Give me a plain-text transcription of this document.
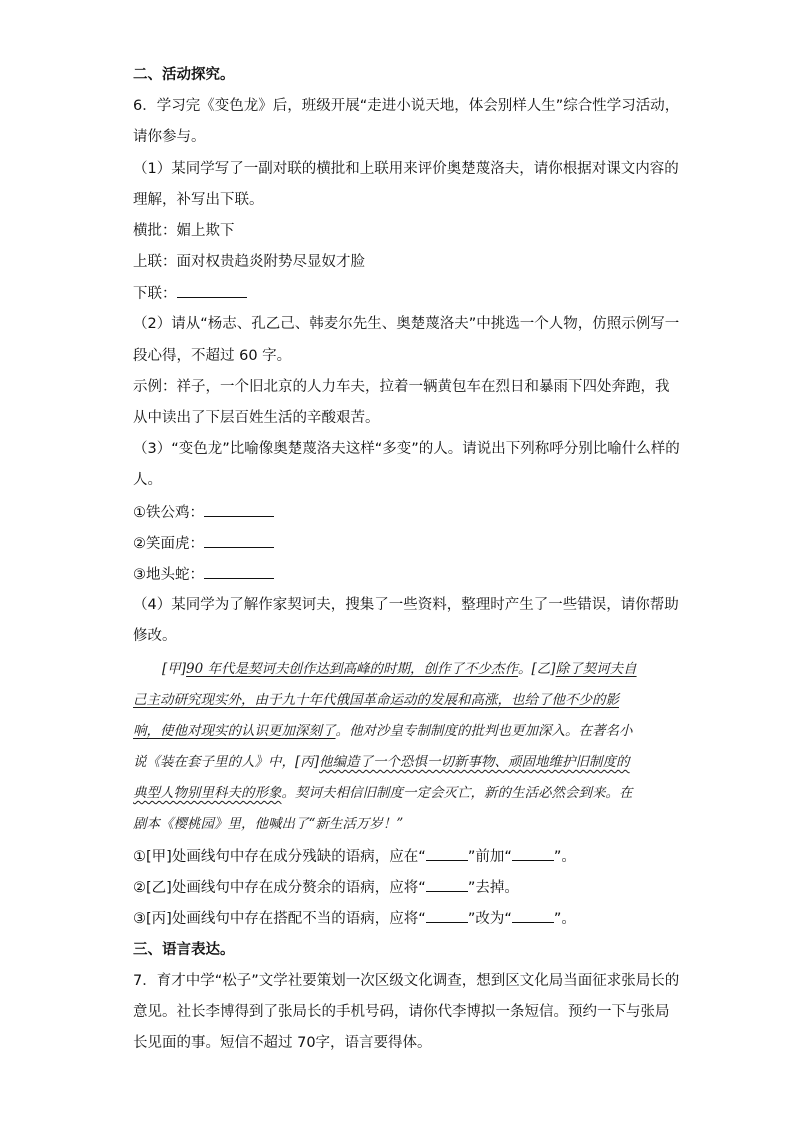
二、活动探究。
6．学习完《变色龙》后，班级开展“走进小说天地，体会别样人生”综合性学习活动，
请你参与。
（1）某同学写了一副对联的横批和上联用来评价奥楚蔑洛夫，请你根据对课文内容的
理解，补写出下联。
横批：媚上欺下
上联：面对权贵趋炎附势尽显奴才脸
下联：
（2）请从“杨志、孔乙己、韩麦尔先生、奥楚蔑洛夫”中挑选一个人物，仿照示例写一
段心得，不超过 60 字。
示例：祥子，一个旧北京的人力车夫，拉着一辆黄包车在烈日和暴雨下四处奔跑，我
从中读出了下层百姓生活的辛酸艰苦。
（3）“变色龙”比喻像奥楚蔑洛夫这样“多变”的人。请说出下列称呼分别比喻什么样的
人。
①铁公鸡：
②笑面虎：
③地头蛇：
（4）某同学为了解作家契诃夫，搜集了一些资料，整理时产生了一些错误，请你帮助
修改。
[甲]90 年代是契诃夫创作达到高峰的时期，创作了不少杰作。[乙]除了契诃夫自
己主动研究现实外，由于九十年代俄国革命运动的发展和高涨，也给了他不少的影
响，使他对现实的认识更加深刻了。他对沙皇专制制度的批判也更加深入。在著名小
说《装在套子里的人》中，[丙]他编造了一个恐惧一切新事物、顽固地维护旧制度的
典型人物别里科夫的形象。契诃夫相信旧制度一定会灭亡，新的生活必然会到来。在
剧本《樱桃园》里，他喊出了“新生活万岁！”
①[甲]处画线句中存在成分残缺的语病，应在“	”前加“	”。
②[乙]处画线句中存在成分赘余的语病，应将“	”去掉。
③[丙]处画线句中存在搭配不当的语病，应将“	”改为“	”。
三、语言表达。
7．育才中学“松子”文学社要策划一次区级文化调查，想到区文化局当面征求张局长的
意见。社长李博得到了张局长的手机号码，请你代李博拟一条短信。预约一下与张局
长见面的事。短信不超过 70字，语言要得体。
